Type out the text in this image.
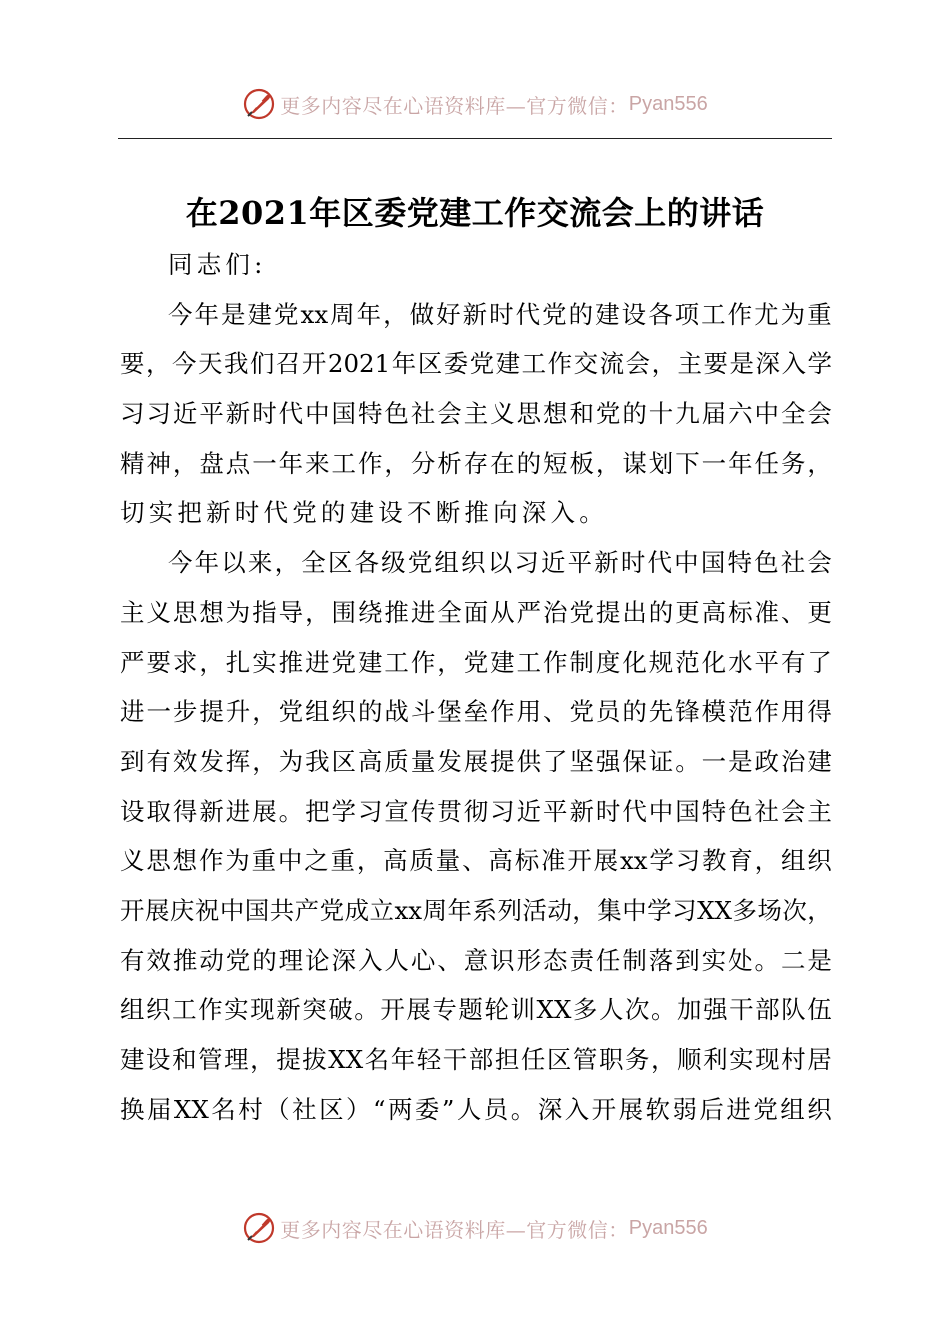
更多内容尽在心语资料库—官方微信： Pyan556
在2021年区委党建工作交流会上的讲话
同志们:
今 年 是 建 党 xx 周 年 ， 做 好 新 时 代 党 的 建 设 各 项 工 作 尤 为 重
要 ， 今 天 我 们 召 开 2021 年 区 委 党 建 工 作 交 流 会 ， 主 要 是 深 入 学
习 习 近 平 新 时 代 中 国 特 色 社 会 主 义 思 想 和 党 的 十 九 届 六 中 全 会
精 神 ， 盘 点 一 年 来 工 作 ， 分 析 存 在 的 短 板 ， 谋 划 下 一 年 任 务 ，
切实把新时代党的建设不断推向深入。
今 年 以 来 ， 全 区 各 级 党 组 织 以 习 近 平 新 时 代 中 国 特 色 社 会
主 义 思 想 为 指 导 ， 围 绕 推 进 全 面 从 严 治 党 提 出 的 更 高 标 准 、 更
严 要 求 ， 扎 实 推 进 党 建 工 作 ， 党 建 工 作 制 度 化 规 范 化 水 平 有 了
进 一 步 提 升 ， 党 组 织 的 战 斗 堡 垒 作 用 、 党 员 的 先 锋 模 范 作 用 得
到 有 效 发 挥 ， 为 我 区 高 质 量 发 展 提 供 了 坚 强 保 证 。 一 是 政 治 建
设 取 得 新 进 展 。 把 学 习 宣 传 贯 彻 习 近 平 新 时 代 中 国 特 色 社 会 主
义 思 想 作 为 重 中 之 重 ， 高 质 量 、 高 标 准 开 展 xx 学 习 教 育 ， 组 织
开 展 庆 祝 中 国 共 产 党 成 立 xx 周 年 系 列 活 动 ， 集 中 学 习 XX 多 场 次 ，
有 效 推 动 党 的 理 论 深 入 人 心 、 意 识 形 态 责 任 制 落 到 实 处 。 二 是
组 织 工 作 实 现 新 突 破 。 开 展 专 题 轮 训 XX 多 人 次 。 加 强 干 部 队 伍
建 设 和 管 理 ， 提 拔 XX 名 年 轻 干 部 担 任 区 管 职 务 ， 顺 利 实 现 村 居
换 届 XX 名 村 （ 社 区 ） “ 两 委 ” 人 员 。 深 入 开 展 软 弱 后 进 党 组 织
更多内容尽在心语资料库—官方微信： Pyan556
